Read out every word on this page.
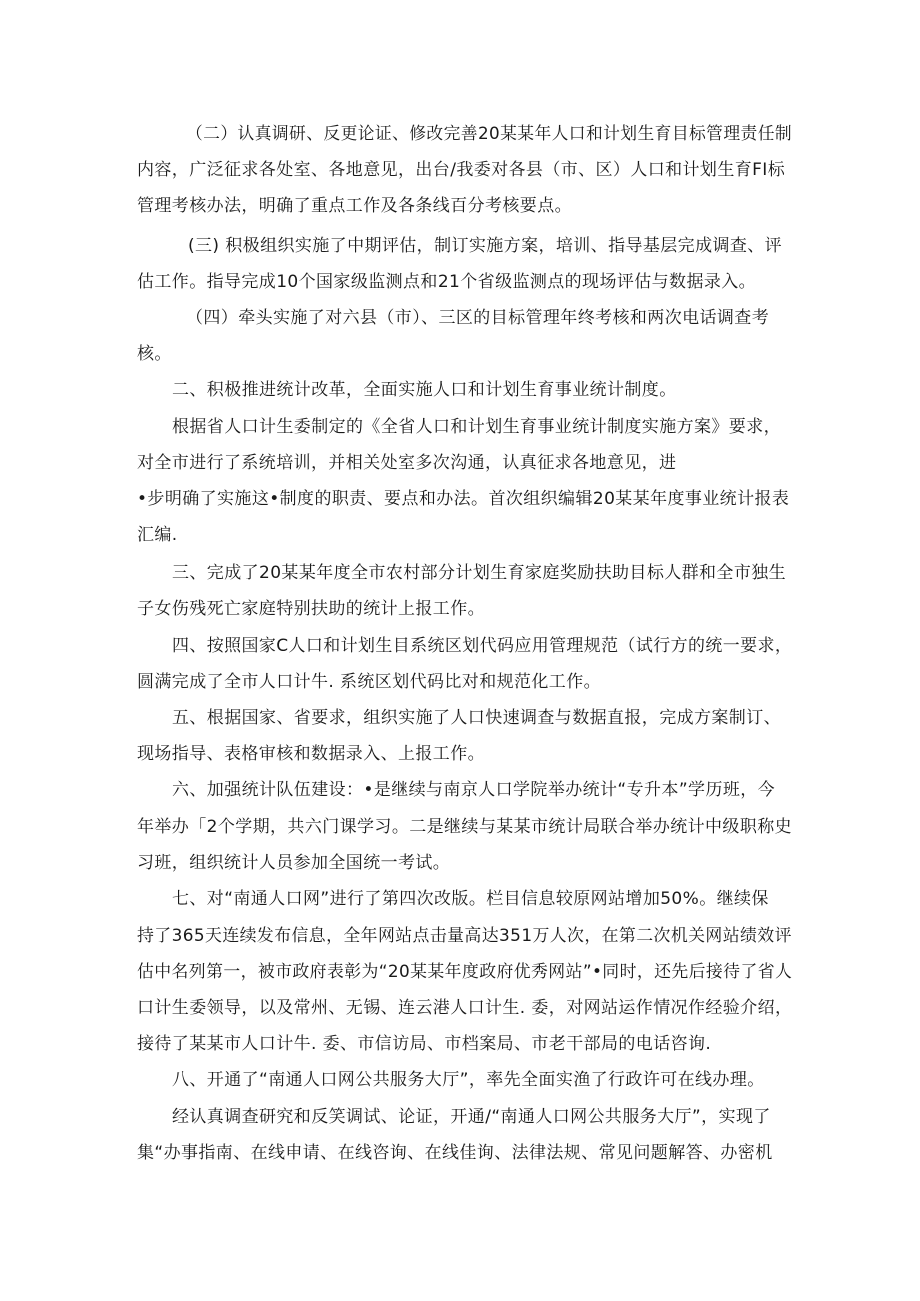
（二）认真调研、反更论证、修改完善20某某年人口和计划生育目标管理责任制
内容，广泛征求各处室、各地意见，出台/我委对各县（市、区）人口和计划生育FI标
管理考核办法，明确了重点工作及各条线百分考核要点。
(三) 积极组织实施了中期评估，制订实施方案，培训、指导基层完成调查、评
估工作。指导完成10个国家级监测点和21个省级监测点的现场评估与数据录入。
（四）牵头实施了对六县（市）、三区的目标管理年终考核和两次电话调查考
核。
二、积极推进统计改革，全面实施人口和计划生育事业统计制度。
根据省人口计生委制定的《全省人口和计划生育事业统计制度实施方案》要求，
对全市进行了系统培训，并相关处室多次沟通，认真征求各地意见，进
•步明确了实施这•制度的职责、要点和办法。首次组织编辑20某某年度事业统计报表
汇编.
三、完成了20某某年度全市农村部分计划生育家庭奖励扶助目标人群和全市独生
子女伤残死亡家庭特别扶助的统计上报工作。
四、按照国家C人口和计划生目系统区划代码应用管理规范（试行方的统一要求，
圆满完成了全市人口计牛. 系统区划代码比对和规范化工作。
五、根据国家、省要求，组织实施了人口快速调查与数据直报，完成方案制订、
现场指导、表格审核和数据录入、上报工作。
六、加强统计队伍建设：•是继续与南京人口学院举办统计“专升本”学历班，今
年举办「2个学期，共六门课学习。二是继续与某某市统计局联合举办统计中级职称史
习班，组织统计人员参加全国统一考试。
七、对“南通人口网”进行了第四次改版。栏目信息较原网站增加50%。继续保
持了365天连续发布信息，全年网站点击量高达351万人次，在第二次机关网站绩效评
估中名列第一，被市政府表彰为“20某某年度政府优秀网站”•同时，还先后接待了省人
口计生委领导，以及常州、无锡、连云港人口计生. 委，对网站运作情况作经验介绍，
接待了某某市人口计牛. 委、市信访局、市档案局、市老干部局的电话咨询.
八、开通了“南通人口网公共服务大厅”，率先全面实渔了行政许可在线办理。
经认真调查研究和反笑调试、论证，开通/“南通人口网公共服务大厅”，实现了
集“办事指南、在线申请、在线咨询、在线佳询、法律法规、常见问题解答、办密机
